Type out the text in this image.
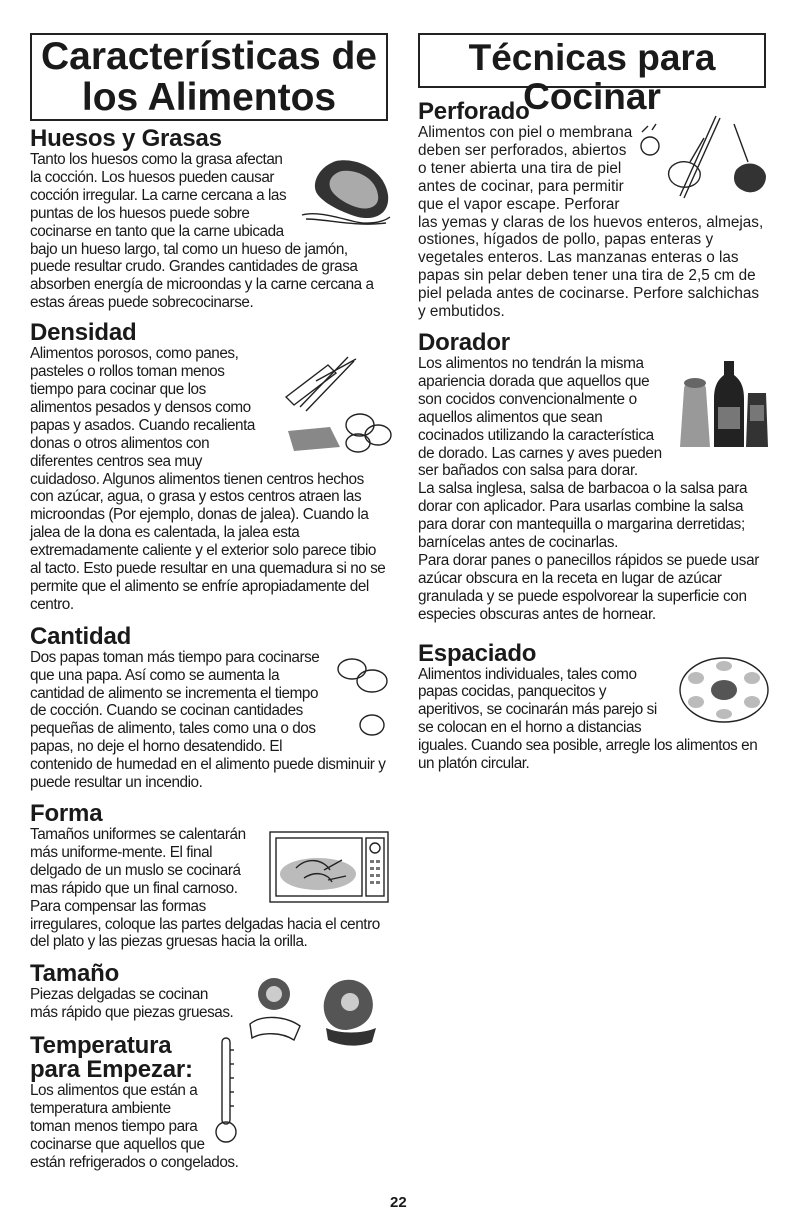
Características de los Alimentos
Huesos y Grasas

Tanto los huesos como la grasa afectan la cocción. Los huesos pueden causar cocción irregular. La carne cercana a las puntas de los huesos puede sobre cocinarse en tanto que la carne ubicada bajo un hueso largo, tal como un hueso de jamón, puede resultar crudo. Grandes cantidades de grasa absorben energía de microondas y la carne cercana a estas áreas puede sobrecocinarse.

Densidad

Alimentos porosos, como panes, pasteles o rollos toman menos tiempo para cocinar que los alimentos pesados y densos como papas y asados. Cuando recalienta donas o otros alimentos con diferentes centros sea muy cuidadoso. Algunos alimentos tienen centros hechos con azúcar, agua, o grasa y estos centros atraen las microondas (Por ejemplo, donas de jalea). Cuando la jalea de la dona es calentada, la jalea esta extremadamente caliente y el exterior solo parece tibio al tacto. Esto puede resultar en una quemadura si no se permite que el alimento se enfríe apropiadamente del centro.

Cantidad

Dos papas toman más tiempo para cocinarse que una papa. Así como se aumenta la cantidad de alimento se incrementa el tiempo de cocción. Cuando se cocinan cantidades pequeñas de alimento, tales como una o dos papas, no deje el horno desatendido. El contenido de humedad en el alimento puede disminuir y puede resultar un incendio.

Forma

Tamaños uniformes se calentarán más uniforme-mente. El final delgado de un muslo se cocinará mas rápido que un final carnoso. Para compensar las formas irregulares, coloque las partes delgadas hacia el centro del plato y las piezas gruesas hacia la orilla.

Tamaño

Piezas delgadas se cocinan más rápido que piezas gruesas.

Temperatura para Empezar:

Los alimentos que están a temperatura ambiente toman menos tiempo para cocinarse que aquellos que están refrigerados o congelados.

Técnicas para Cocinar
Perforado

Alimentos con piel o membrana deben ser perforados, abiertos o tener abierta una tira de piel antes de cocinar, para permitir que el vapor escape. Perforar las yemas y claras de los huevos enteros, almejas, ostiones, hígados de pollo, papas enteras y vegetales enteros. Las manzanas enteras o las papas sin pelar deben tener una tira de 2,5 cm de piel pelada antes de cocinarse. Perfore salchichas y embutidos.

Dorador

Los alimentos no tendrán la misma apariencia dorada que aquellos que son cocidos convencionalmente o aquellos alimentos que sean cocinados utilizando la característica de dorado. Las carnes y aves pueden ser bañados con salsa para dorar.

La salsa inglesa, salsa de barbacoa o la salsa para dorar con aplicador. Para usarlas combine la salsa para dorar con mantequilla o margarina derretidas; barnícelas antes de cocinarlas.

Para dorar panes o panecillos rápidos se puede usar azúcar obscura en la receta en lugar de azúcar granulada y se puede espolvorear la superficie con especies obscuras antes de hornear.

Espaciado

Alimentos individuales, tales como papas cocidas, panquecitos y aperitivos, se cocinarán más parejo si se colocan en el horno a distancias iguales. Cuando sea posible, arregle los alimentos en un platón circular.

22
